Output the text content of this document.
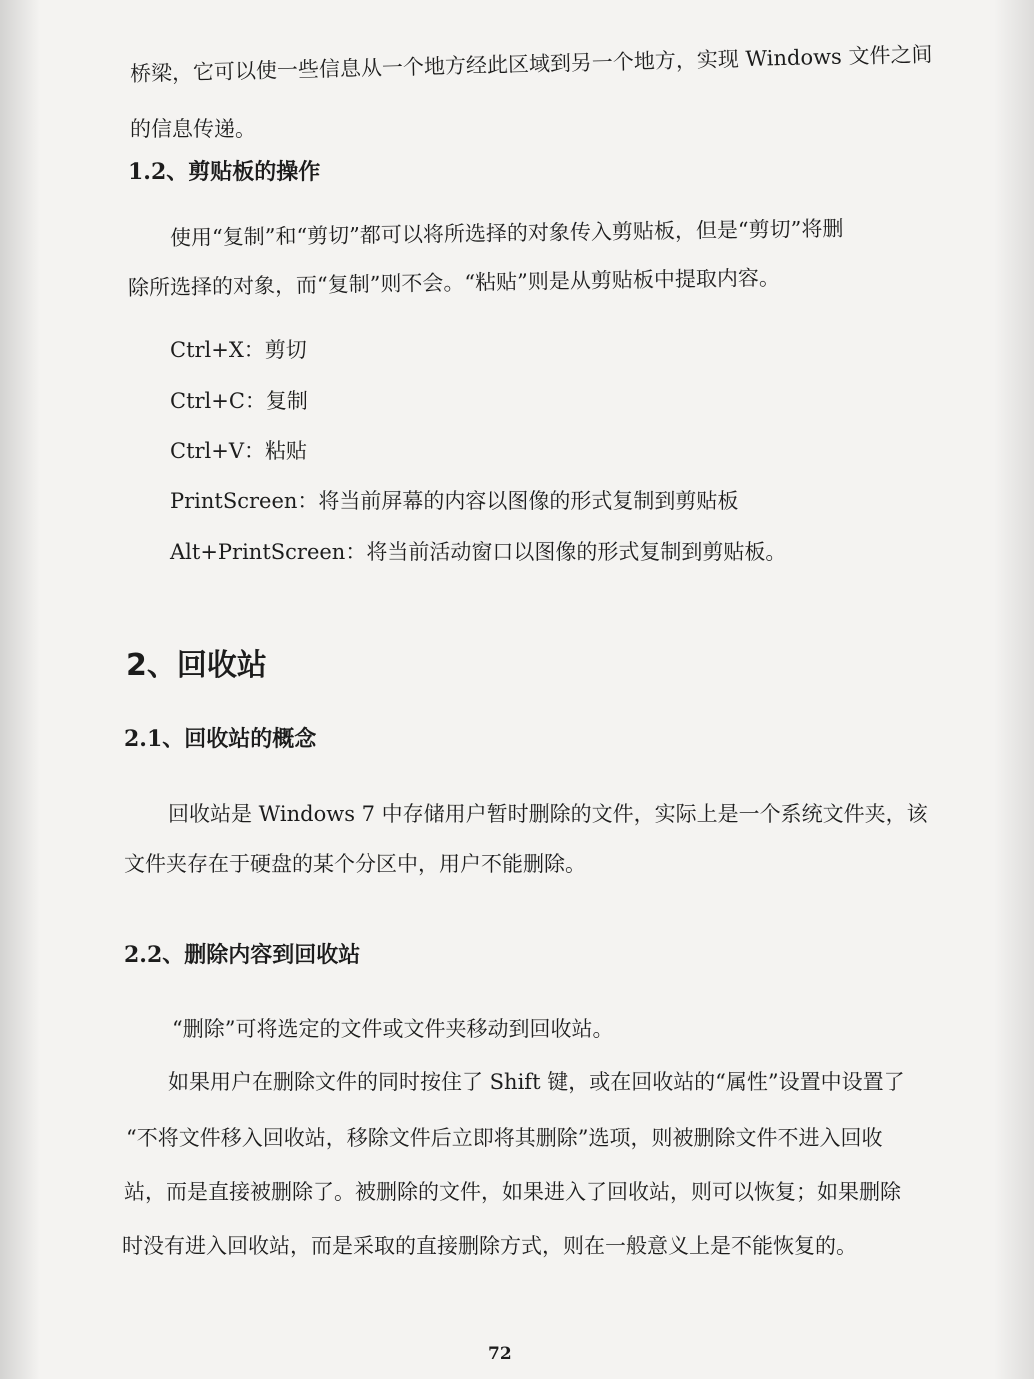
桥梁，它可以使一些信息从一个地方经此区域到另一个地方，实现 Windows 文件之间
的信息传递。
1.2、剪贴板的操作
使用“复制”和“剪切”都可以将所选择的对象传入剪贴板，但是“剪切”将删
除所选择的对象，而“复制”则不会。“粘贴”则是从剪贴板中提取内容。
Ctrl+X：剪切
Ctrl+C：复制
Ctrl+V：粘贴
PrintScreen：将当前屏幕的内容以图像的形式复制到剪贴板
Alt+PrintScreen：将当前活动窗口以图像的形式复制到剪贴板。
2、回收站
2.1、回收站的概念
回收站是 Windows 7 中存储用户暂时删除的文件，实际上是一个系统文件夹，该
文件夹存在于硬盘的某个分区中，用户不能删除。
2.2、删除内容到回收站
“删除”可将选定的文件或文件夹移动到回收站。
如果用户在删除文件的同时按住了 Shift 键，或在回收站的“属性”设置中设置了
“不将文件移入回收站，移除文件后立即将其删除”选项，则被删除文件不进入回收
站，而是直接被删除了。被删除的文件，如果进入了回收站，则可以恢复；如果删除
时没有进入回收站，而是采取的直接删除方式，则在一般意义上是不能恢复的。
72
